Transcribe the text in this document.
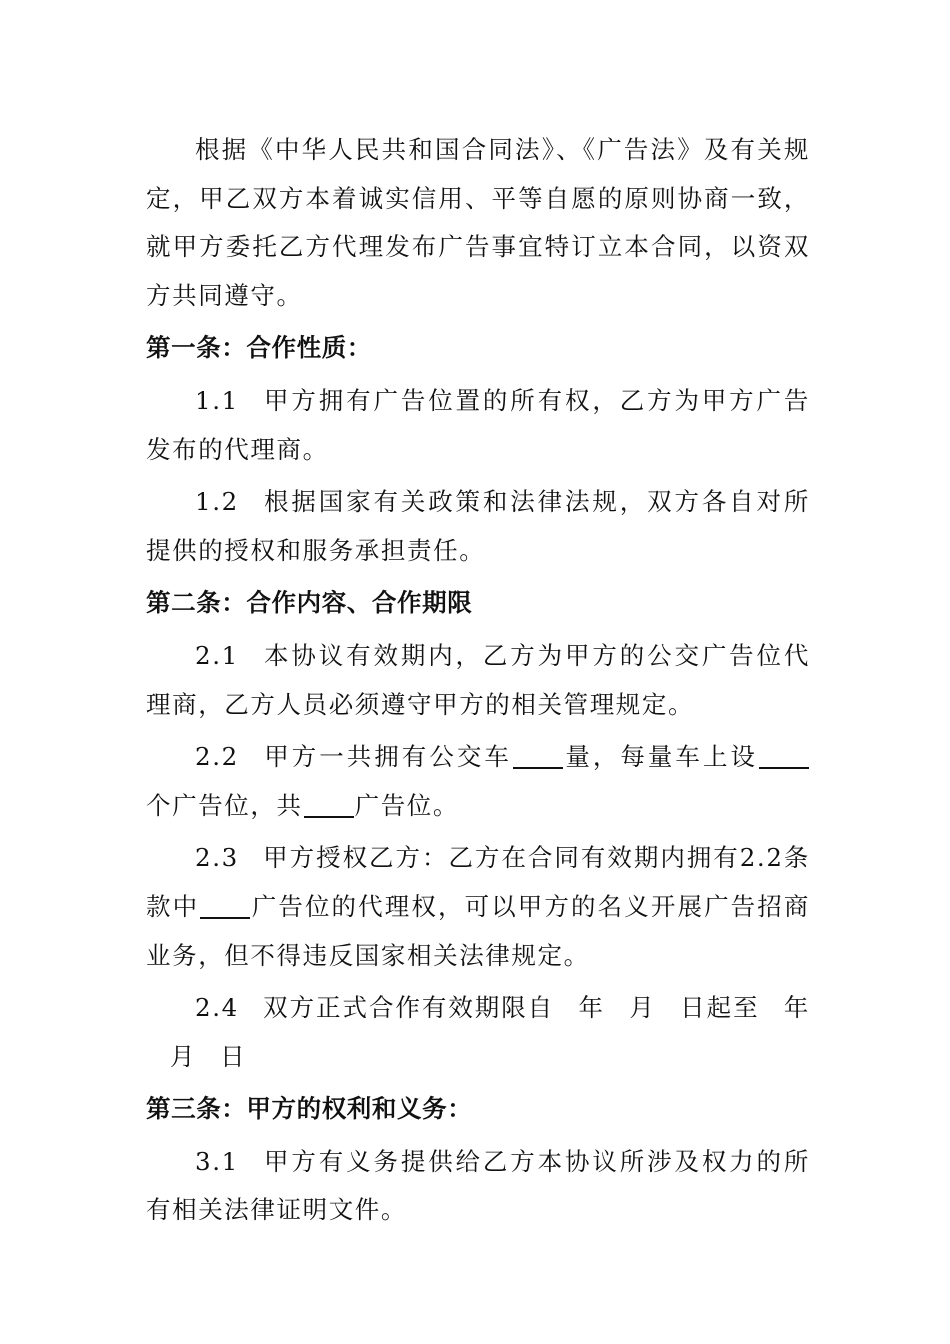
根据《中华人民共和国合同法》、《广告法》及有关规定，甲乙双方本着诚实信用、平等自愿的原则协商一致，就甲方委托乙方代理发布广告事宜特订立本合同，以资双方共同遵守。

第一条：合作性质：

1.1 甲方拥有广告位置的所有权，乙方为甲方广告发布的代理商。

1.2 根据国家有关政策和法律法规，双方各自对所提供的授权和服务承担责任。

第二条：合作内容、合作期限

2.1 本协议有效期内，乙方为甲方的公交广告位代理商，乙方人员必须遵守甲方的相关管理规定。

2.2 甲方一共拥有公交车 量，每量车上设个广告位，共 广告位。

2.3 甲方授权乙方：乙方在合同有效期内拥有2.2条款中 广告位的代理权，可以甲方的名义开展广告招商业务，但不得违反国家相关法律规定。

2.4 双方正式合作有效期限自 年 月 日起至 年月 日

第三条：甲方的权利和义务：

3.1 甲方有义务提供给乙方本协议所涉及权力的所有相关法律证明文件。
